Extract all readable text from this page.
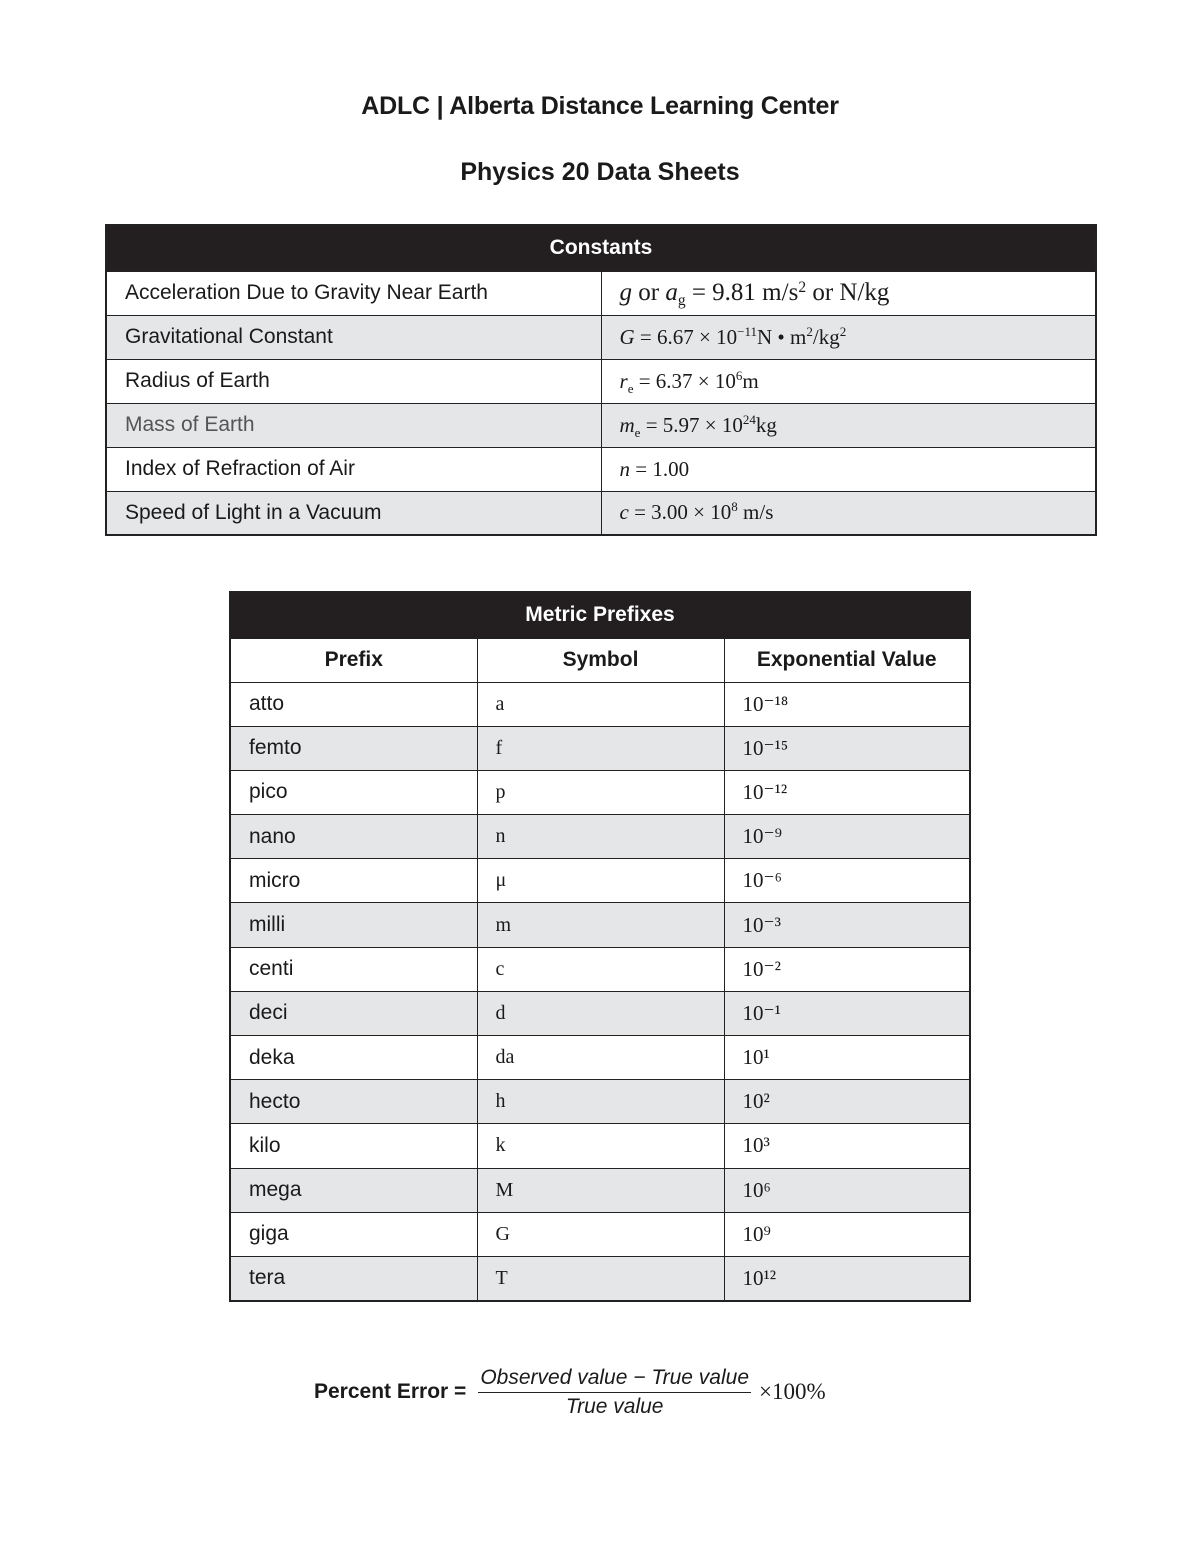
ADLC | Alberta Distance Learning Center
Physics 20 Data Sheets
Constants	
Acceleration Due to Gravity Near Earth	g or $a_g = 9.81$ $m/s^2$ or N/kg
Gravitational Constant	$G = 6.67 \times 10^{-11}N$ • $m^2/kg^2$
Radius of Earth	$r_e = 6.37 \times 10^6m$
Mass of Earth	$m_e = 5.97 \times 10^{24}kg$
Index of Refraction of Air	n = 1.00
Speed of Light in a Vacuum	$c = 3.00 \times 10^8$ m/s
Metric Prefixes		
Prefix	Symbol	Exponential Value
atto	a	10⁻¹⁸
femto	f	10⁻¹⁵
pico	p	10⁻¹²
nano	n	10⁻⁹
micro	μ	10⁻⁶
milli	m	10⁻³
centi	c	10⁻²
deci	d	10⁻¹
deka	da	10¹
hecto	h	10²
kilo	k	10³
mega	M	10⁶
giga	G	10⁹
tera	T	10¹²
Percent Error = $\frac{\text{Observed value − True value}}{\text{True value}} \times 100\%$
